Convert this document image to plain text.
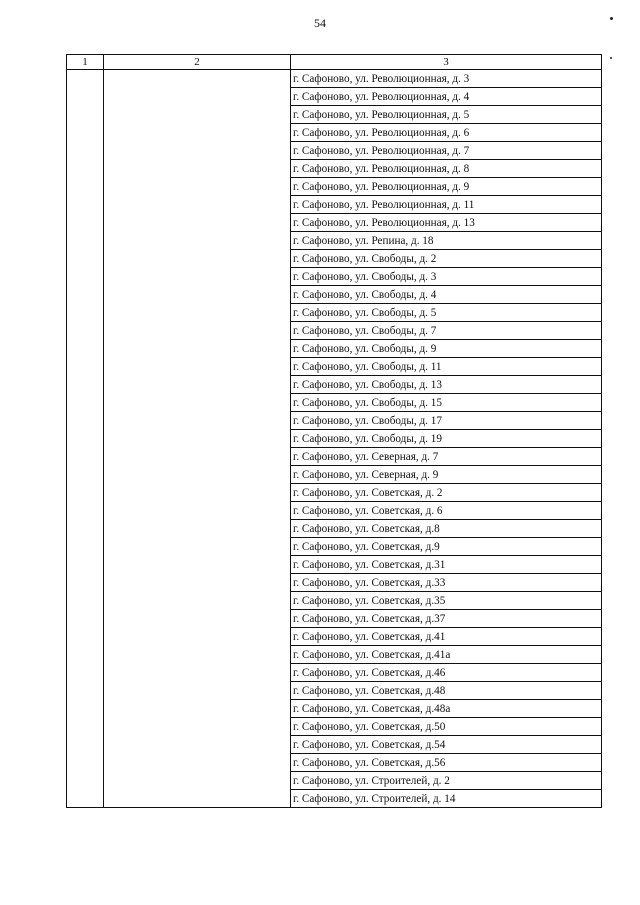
54
1	2	3
		г. Сафоново, ул. Революционная, д. 3
		г. Сафоново, ул. Революционная, д. 4
		г. Сафоново, ул. Революционная, д. 5
		г. Сафоново, ул. Революционная, д. 6
		г. Сафоново, ул. Революционная, д. 7
		г. Сафоново, ул. Революционная, д. 8
		г. Сафоново, ул. Революционная, д. 9
		г. Сафоново, ул. Революционная, д. 11
		г. Сафоново, ул. Революционная, д. 13
		г. Сафоново, ул. Репина, д. 18
		г. Сафоново, ул. Свободы, д. 2
		г. Сафоново, ул. Свободы, д. 3
		г. Сафоново, ул. Свободы, д. 4
		г. Сафоново, ул. Свободы, д. 5
		г. Сафоново, ул. Свободы, д. 7
		г. Сафоново, ул. Свободы, д. 9
		г. Сафоново, ул. Свободы, д. 11
		г. Сафоново, ул. Свободы, д. 13
		г. Сафоново, ул. Свободы, д. 15
		г. Сафоново, ул. Свободы, д. 17
		г. Сафоново, ул. Свободы, д. 19
		г. Сафоново, ул. Северная, д. 7
		г. Сафоново, ул. Северная, д. 9
		г. Сафоново, ул. Советская, д. 2
		г. Сафоново, ул. Советская, д. 6
		г. Сафоново, ул. Советская, д.8
		г. Сафоново, ул. Советская, д.9
		г. Сафоново, ул. Советская, д.31
		г. Сафоново, ул. Советская, д.33
		г. Сафоново, ул. Советская, д.35
		г. Сафоново, ул. Советская, д.37
		г. Сафоново, ул. Советская, д.41
		г. Сафоново, ул. Советская, д.41а
		г. Сафоново, ул. Советская, д.46
		г. Сафоново, ул. Советская, д.48
		г. Сафоново, ул. Советская, д.48а
		г. Сафоново, ул. Советская, д.50
		г. Сафоново, ул. Советская, д.54
		г. Сафоново, ул. Советская, д.56
		г. Сафоново, ул. Строителей, д. 2
		г. Сафоново, ул. Строителей, д. 14
